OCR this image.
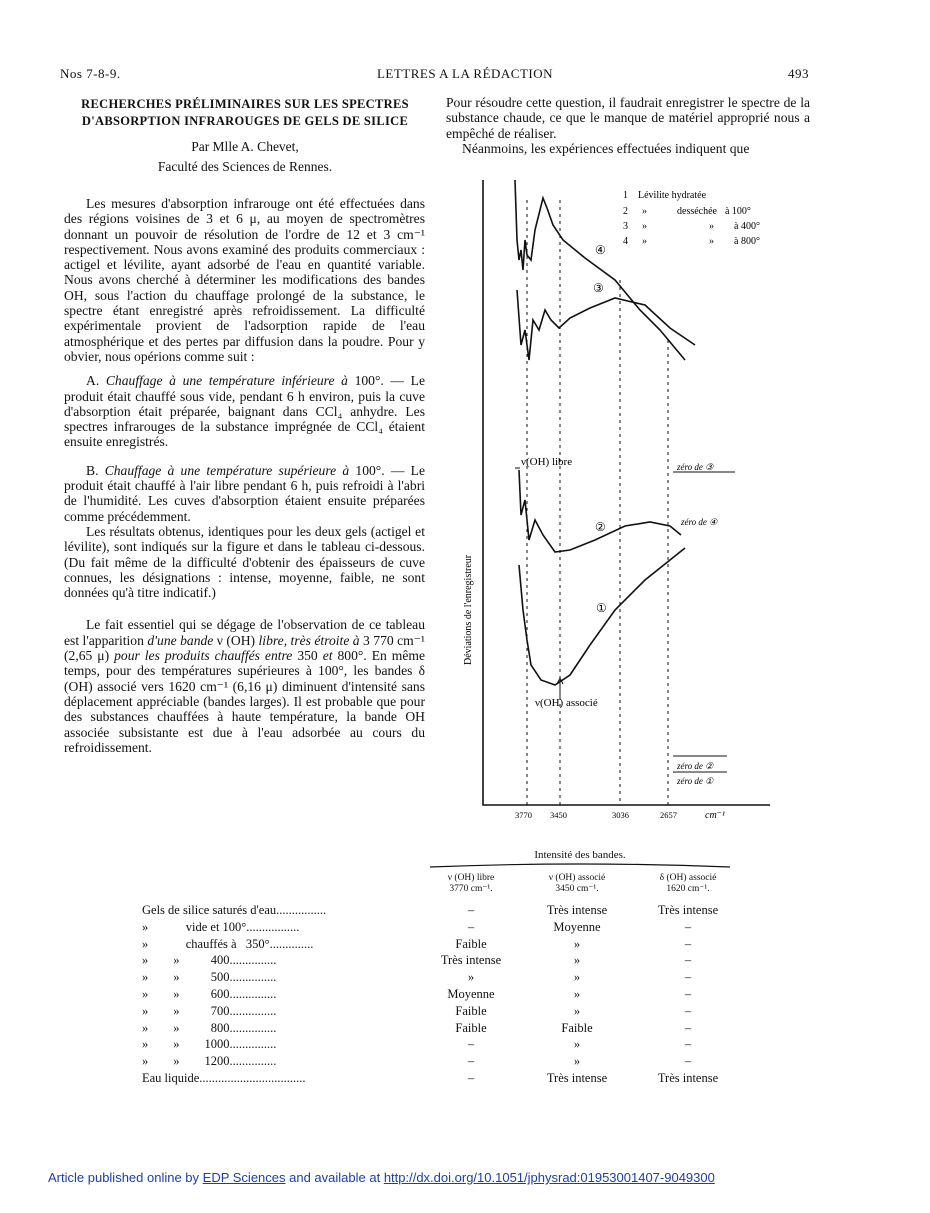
Nos 7-8-9.	LETTRES A LA RÉDACTION	493
RECHERCHES PRÉLIMINAIRES SUR LES SPECTRES
D'ABSORPTION INFRAROUGES DE GELS DE SILICE
Par Mlle A. Chevet,
Faculté des Sciences de Rennes.

Les mesures d'absorption infrarouge ont été effectuées dans des régions voisines de 3 et 6 μ, au moyen de spectromètres donnant un pouvoir de résolution de l'ordre de 12 et 3 cm⁻¹ respectivement. Nous avons examiné des produits commerciaux : actigel et lévilite, ayant adsorbé de l'eau en quantité variable. Nous avons cherché à déterminer les modifications des bandes OH, sous l'action du chauffage prolongé de la substance, le spectre étant enregistré après refroidissement. La difficulté expérimentale provient de l'adsorption rapide de l'eau atmosphérique et des pertes par diffusion dans la poudre. Pour y obvier, nous opérions comme suit :

A. Chauffage à une température inférieure à 100°. — Le produit était chauffé sous vide, pendant 6 h environ, puis la cuve d'absorption était préparée, baignant dans CCl₄ anhydre. Les spectres infrarouges de la substance imprégnée de CCl₄ étaient ensuite enregistrés.

B. Chauffage à une température supérieure à 100°. — Le produit était chauffé à l'air libre pendant 6 h, puis refroidi à l'abri de l'humidité. Les cuves d'absorption étaient ensuite préparées comme précédemment.

Les résultats obtenus, identiques pour les deux gels (actigel et lévilite), sont indiqués sur la figure et dans le tableau ci-dessous. (Du fait même de la difficulté d'obtenir des épaisseurs de cuve connues, les désignations : intense, moyenne, faible, ne sont données qu'à titre indicatif.)

Le fait essentiel qui se dégage de l'observation de ce tableau est l'apparition d'une bande ν (OH) libre, très étroite à 3 770 cm⁻¹ (2,65 μ) pour les produits chauffés entre 350 et 800°. En même temps, pour des températures supérieures à 100°, les bandes δ (OH) associé vers 1620 cm⁻¹ (6,16 μ) diminuent d'intensité sans déplacement appréciable (bandes larges). Il est probable que pour des substances chauffées à haute température, la bande OH associée subsistante est due à l'eau adsorbée au cours du refroidissement.

Pour résoudre cette question, il faudrait enregistrer le spectre de la substance chaude, ce que le manque de matériel approprié nous a empêché de réaliser.

Néanmoins, les expériences effectuées indiquent que

1 Lévilite hydratée
2 »	desséchée à 100°
3 »	» à 400°
4 »	» à 800°
④
③
②
①
ν(OH) libre
ν(OH) associé
zéro de ③
zéro de ④
zéro de ②
zéro de ①
Déviations de l'enregistreur
3770 3450	3036	2657	cm⁻¹
Intensité des bandes.
ν (OH) libre
3770 cm⁻¹.
ν (OH) associé
3450 cm⁻¹.
δ (OH) associé
1620 cm⁻¹.
Gels de silice saturés d'eau................	–	Très intense	Très intense
»            vide et 100°.................	–	Moyenne	–
»            chauffés à   350°..............	Faible	»	–
»        »          400...............	Très intense	»	–
»        »          500...............	»	»	–
»        »          600...............	Moyenne	»	–
»        »          700...............	Faible	»	–
»        »          800...............	Faible	Faible	–
»        »        1000...............	–	»	–
»        »        1200...............	–	»	–
Eau liquide..................................	–	Très intense	Très intense
Article published online by EDP Sciences and available at http://dx.doi.org/10.1051/jphysrad:01953001407-9049300
